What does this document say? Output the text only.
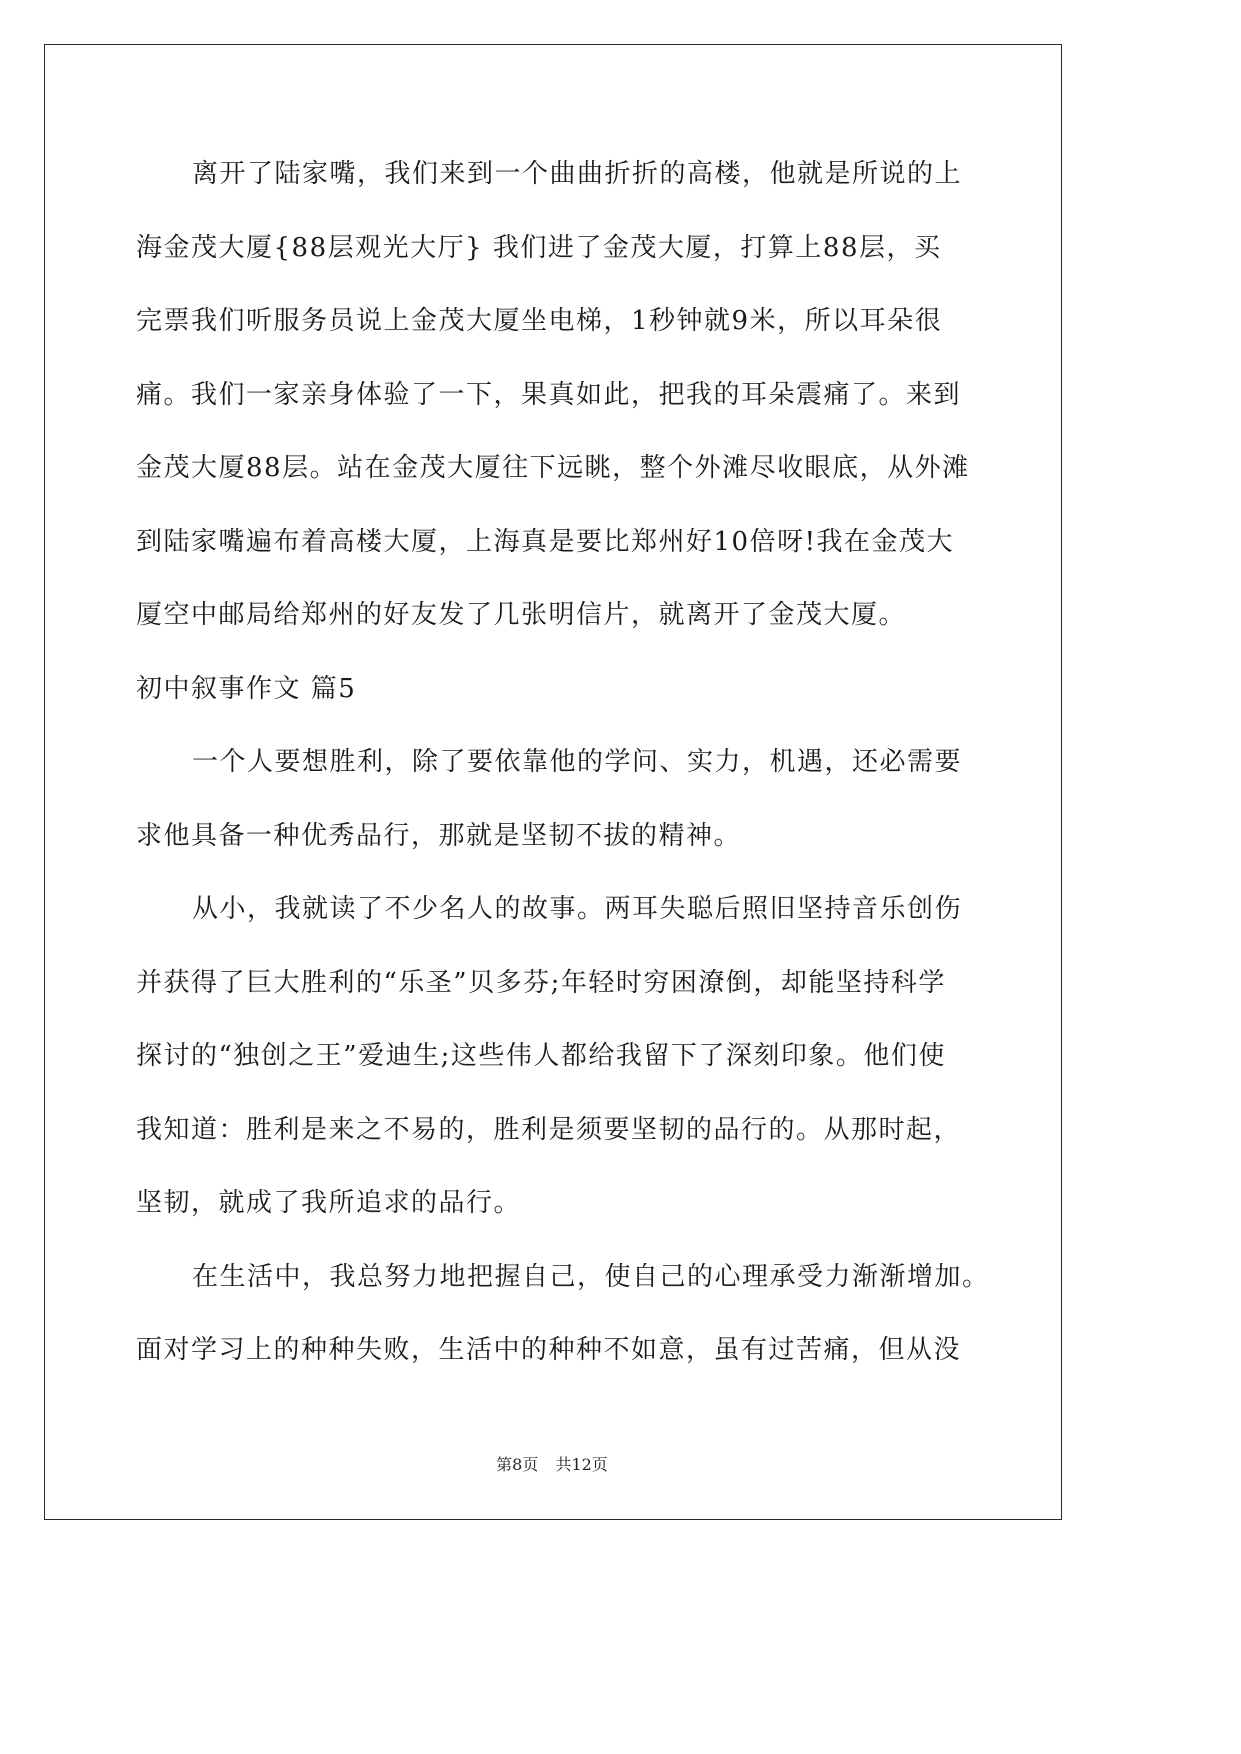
离开了陆家嘴，我们来到一个曲曲折折的高楼，他就是所说的上
海金茂大厦{88层观光大厅} 我们进了金茂大厦，打算上88层，买
完票我们听服务员说上金茂大厦坐电梯，1秒钟就9米，所以耳朵很
痛。我们一家亲身体验了一下，果真如此，把我的耳朵震痛了。来到
金茂大厦88层。站在金茂大厦往下远眺，整个外滩尽收眼底，从外滩
到陆家嘴遍布着高楼大厦，上海真是要比郑州好10倍呀!我在金茂大
厦空中邮局给郑州的好友发了几张明信片，就离开了金茂大厦。
初中叙事作文 篇5
一个人要想胜利，除了要依靠他的学问、实力，机遇，还必需要
求他具备一种优秀品行，那就是坚韧不拔的精神。
从小，我就读了不少名人的故事。两耳失聪后照旧坚持音乐创伤
并获得了巨大胜利的“乐圣”贝多芬;年轻时穷困潦倒，却能坚持科学
探讨的“独创之王”爱迪生;这些伟人都给我留下了深刻印象。他们使
我知道：胜利是来之不易的，胜利是须要坚韧的品行的。从那时起，
坚韧，就成了我所追求的品行。
在生活中，我总努力地把握自己，使自己的心理承受力渐渐增加。
面对学习上的种种失败，生活中的种种不如意，虽有过苦痛，但从没
第8页 共12页
